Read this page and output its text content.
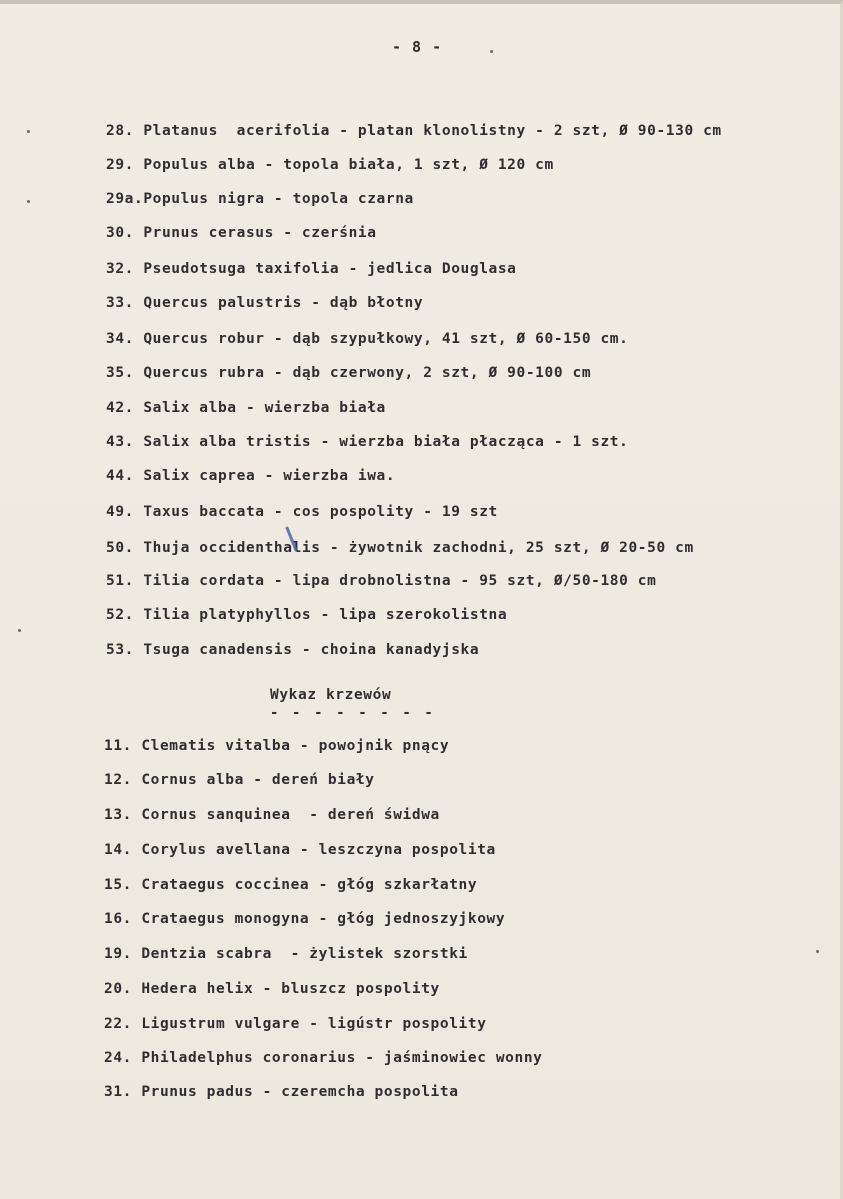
- 8 -
28. Platanus  acerifolia - platan klonolistny - 2 szt, Ø 90-130 cm
29. Populus alba - topola biała, 1 szt, Ø 120 cm
29a.Populus nigra - topola czarna
30. Prunus cerasus - czerśnia
32. Pseudotsuga taxifolia - jedlica Douglasa
33. Quercus palustris - dąb błotny
34. Quercus robur - dąb szypułkowy, 41 szt, Ø 60-150 cm.
35. Quercus rubra - dąb czerwony, 2 szt, Ø 90-100 cm
42. Salix alba - wierzba biała
43. Salix alba tristis - wierzba biała płacząca - 1 szt.
44. Salix caprea - wierzba iwa.
49. Taxus baccata - cos pospolity - 19 szt
50. Thuja occidenthalis - żywotnik zachodni, 25 szt, Ø 20-50 cm
51. Tilia cordata - lipa drobnolistna - 95 szt, Ø/50-180 cm
52. Tilia platyphyllos - lipa szerokolistna
53. Tsuga canadensis - choina kanadyjska
Wykaz krzewów
- - - - - - - -
11. Clematis vitalba - powojnik pnący
12. Cornus alba - dereń biały
13. Cornus sanquinea  - dereń świdwa
14. Corylus avellana - leszczyna pospolita
15. Crataegus coccinea - głóg szkarłatny
16. Crataegus monogyna - głóg jednoszyjkowy
19. Dentzia scabra  - żylistek szorstki
20. Hedera helix - bluszcz pospolity
22. Ligustrum vulgare - ligústr pospolity
24. Philadelphus coronarius - jaśminowiec wonny
31. Prunus padus - czeremcha pospolita
